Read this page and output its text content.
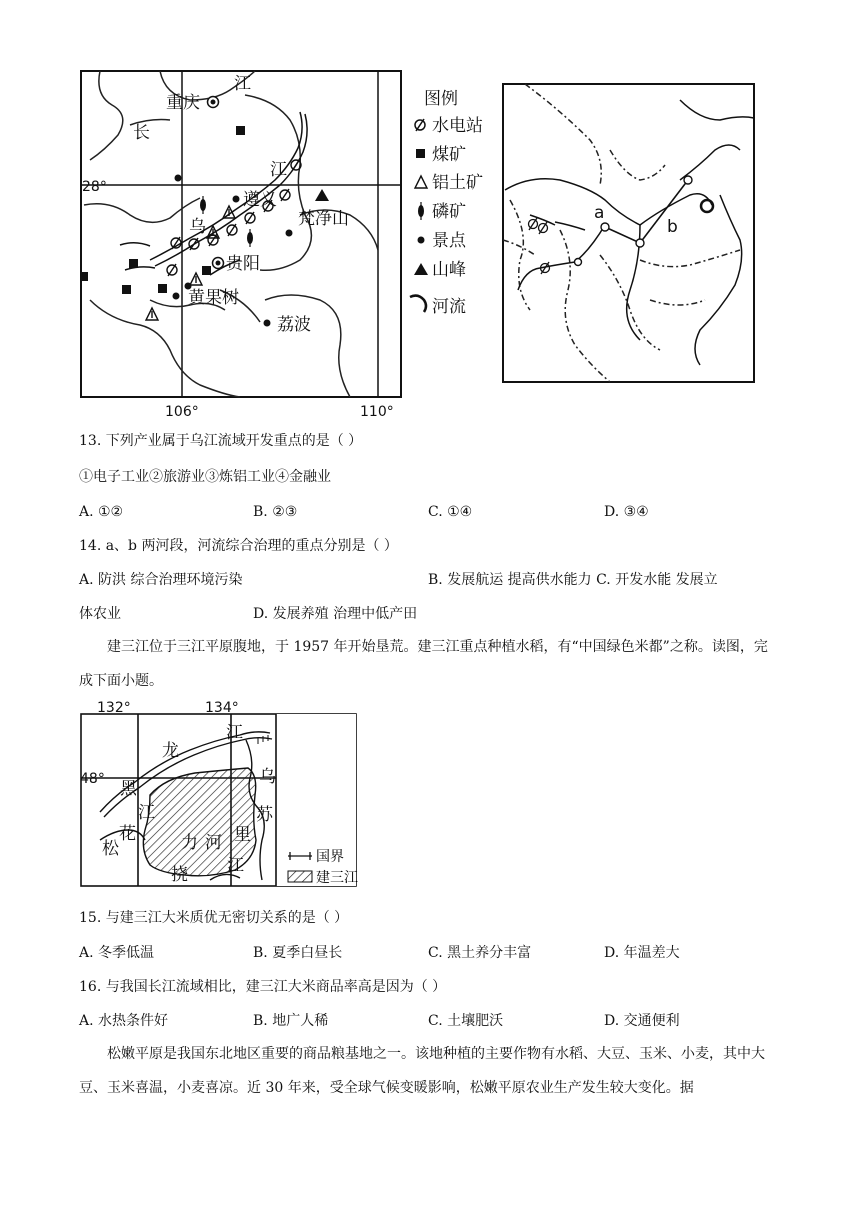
江
重庆
长
江
28°
遵义
乌	梵净山
贵阳
黄果树
荔波
106°	110°
图例
水电站
煤矿
铝土矿
磷矿
景点
山峰
河流
a
b
13. 下列产业属于乌江流域开发重点的是（ ）
①电子工业②旅游业③炼铝工业④金融业
A. ①②	B. ②③	C. ①④	D. ③④
14. a、b 两河段，河流综合治理的重点分别是（ ）
A. 防洪 综合治理环境污染	B. 发展航运 提高供水能力 C. 开发水能 发展立
体农业	D. 发展养殖 治理中低产田
建三江位于三江平原腹地，于 1957 年开始垦荒。建三江重点种植水稻，有“中国绿色米都”之称。读图，完成下面小题。
132°	134°
48°
江
龙
乌
黑
江	苏
花	力 河 里
松
江
挠
国界
建三江
15. 与建三江大米质优无密切关系的是（ ）
A. 冬季低温	B. 夏季白昼长	C. 黑土养分丰富	D. 年温差大
16. 与我国长江流域相比，建三江大米商品率高是因为（ ）
A. 水热条件好	B. 地广人稀	C. 土壤肥沃	D. 交通便利
松嫩平原是我国东北地区重要的商品粮基地之一。该地种植的主要作物有水稻、大豆、玉米、小麦，其中大豆、玉米喜温，小麦喜凉。近 30 年来，受全球气候变暖影响，松嫩平原农业生产发生较大变化。据
